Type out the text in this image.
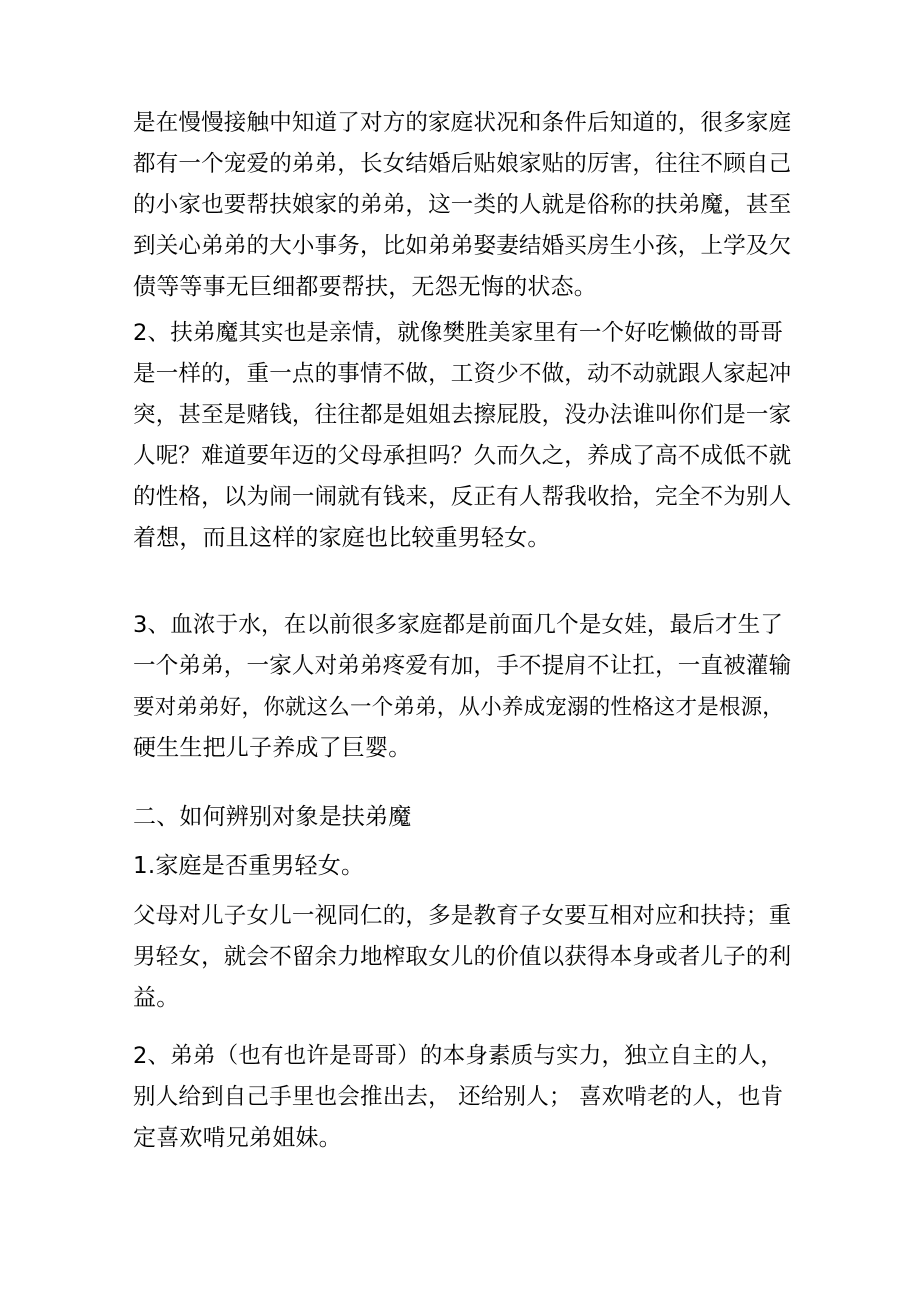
是在慢慢接触中知道了对方的家庭状况和条件后知道的，很多家庭
都有一个宠爱的弟弟，长女结婚后贴娘家贴的厉害，往往不顾自己
的小家也要帮扶娘家的弟弟，这一类的人就是俗称的扶弟魔，甚至
到关心弟弟的大小事务，比如弟弟娶妻结婚买房生小孩，上学及欠
债等等事无巨细都要帮扶，无怨无悔的状态。
2、扶弟魔其实也是亲情，就像樊胜美家里有一个好吃懒做的哥哥
是一样的，重一点的事情不做，工资少不做，动不动就跟人家起冲
突，甚至是赌钱，往往都是姐姐去擦屁股，没办法谁叫你们是一家
人呢？难道要年迈的父母承担吗？久而久之，养成了高不成低不就
的性格，以为闹一闹就有钱来，反正有人帮我收拾，完全不为别人
着想，而且这样的家庭也比较重男轻女。
3、血浓于水，在以前很多家庭都是前面几个是女娃，最后才生了
一个弟弟，一家人对弟弟疼爱有加，手不提肩不让扛，一直被灌输
要对弟弟好，你就这么一个弟弟，从小养成宠溺的性格这才是根源，
硬生生把儿子养成了巨婴。
二、如何辨别对象是扶弟魔
1.家庭是否重男轻女。
父母对儿子女儿一视同仁的，多是教育子女要互相对应和扶持；重
男轻女，就会不留余力地榨取女儿的价值以获得本身或者儿子的利
益。
2、弟弟（也有也许是哥哥）的本身素质与实力，独立自主的人，
别人给到自己手里也会推出去， 还给别人； 喜欢啃老的人，也肯
定喜欢啃兄弟姐妹。
